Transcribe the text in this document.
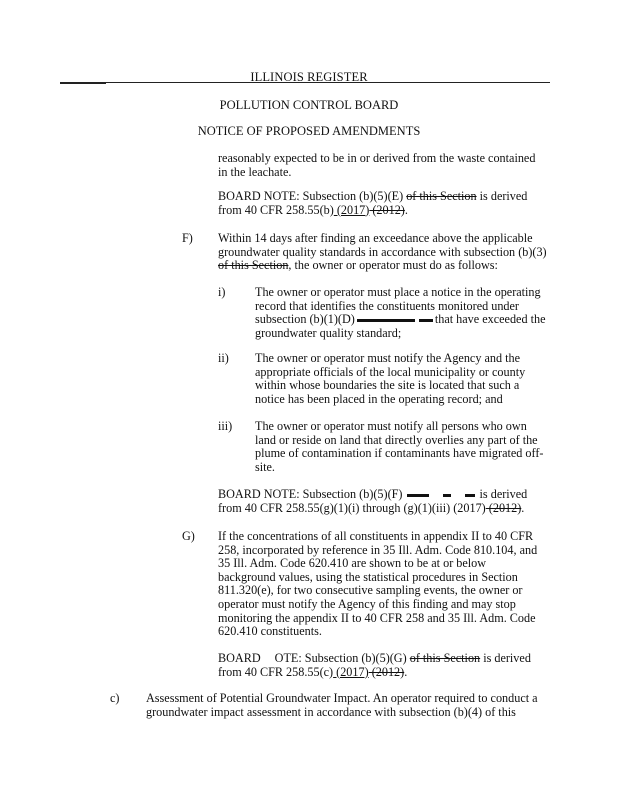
ILLINOIS REGISTER
POLLUTION CONTROL BOARD
NOTICE OF PROPOSED AMENDMENTS
reasonably expected to be in or derived from the waste contained
in the leachate.
BOARD NOTE: Subsection (b)(5)(E) of this Section is derived
from 40 CFR 258.55(b) (2017) (2012).
F) Within 14 days after finding an exceedance above the applicable
groundwater quality standards in accordance with subsection (b)(3)
of this Section, the owner or operator must do as follows:
i) The owner or operator must place a notice in the operating
record that identifies the constituents monitored under
subsection (b)(1)(D)	that have exceeded the
groundwater quality standard;
ii) The owner or operator must notify the Agency and the
appropriate officials of the local municipality or county
within whose boundaries the site is located that such a
notice has been placed in the operating record; and
iii) The owner or operator must notify all persons who own
land or reside on land that directly overlies any part of the
plume of contamination if contaminants have migrated off-
site.
BOARD NOTE: Subsection (b)(5)(F)	is derived
from 40 CFR 258.55(g)(1)(i) through (g)(1)(iii) (2017) (2012).
G) If the concentrations of all constituents in appendix II to 40 CFR
258, incorporated by reference in 35 Ill. Adm. Code 810.104, and
35 Ill. Adm. Code 620.410 are shown to be at or below
background values, using the statistical procedures in Section
811.320(e), for two consecutive sampling events, the owner or
operator must notify the Agency of this finding and may stop
monitoring the appendix II to 40 CFR 258 and 35 Ill. Adm. Code
620.410 constituents.
BOARD OTE: Subsection (b)(5)(G) of this Section is derived
from 40 CFR 258.55(c) (2017) (2012).
c) Assessment of Potential Groundwater Impact. An operator required to conduct a
groundwater impact assessment in accordance with subsection (b)(4) of this
